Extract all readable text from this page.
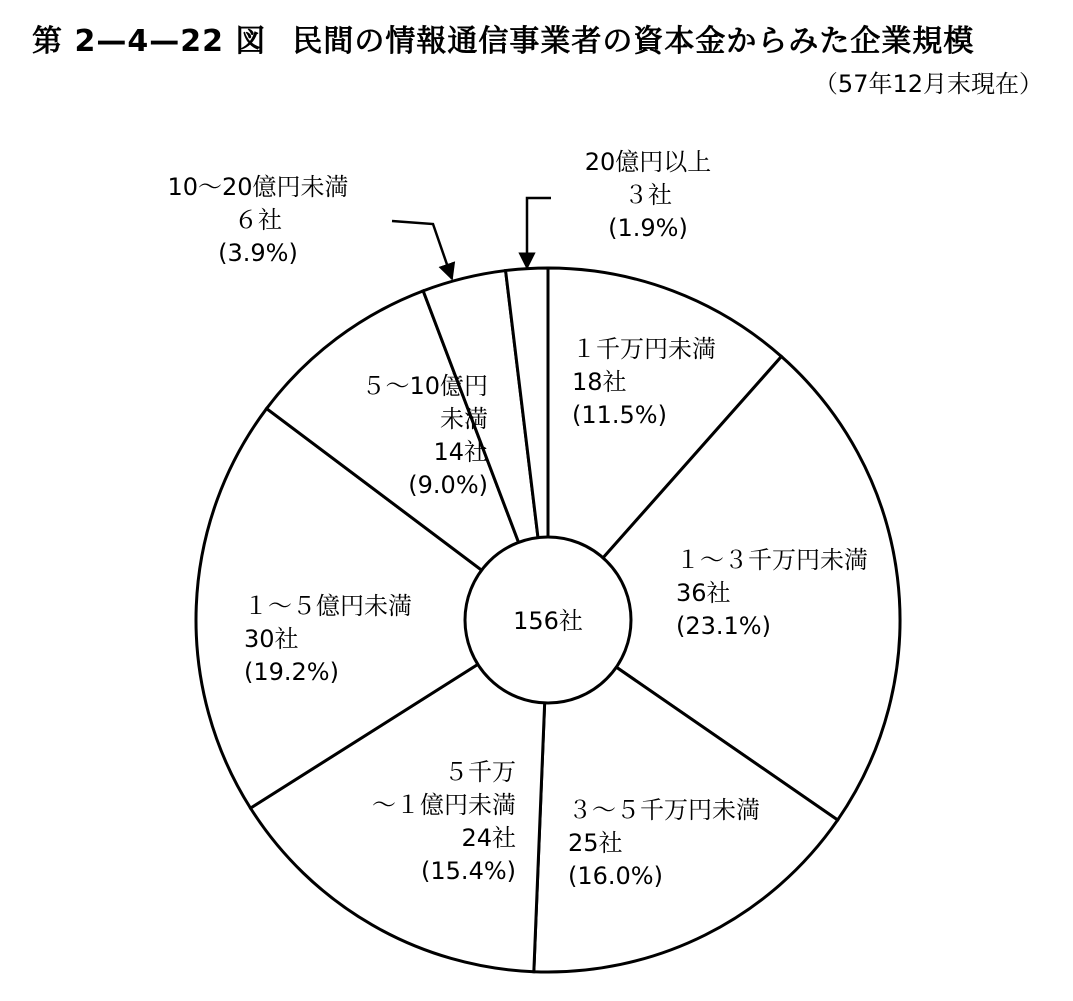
第 2—4—22 図 民間の情報通信事業者の資本金からみた企業規模
（57年12月末現在）
１千万円未満
18社
(11.5%)
１～３千万円未満
36社
(23.1%)
３～５千万円未満
25社
(16.0%)
５千万
～１億円未満
24社
(15.4%)
１～５億円未満
30社
(19.2%)
５～10億円
未満
14社
(9.0%)
10～20億円未満
６社
(3.9%)
20億円以上
３社
(1.9%)
156社
